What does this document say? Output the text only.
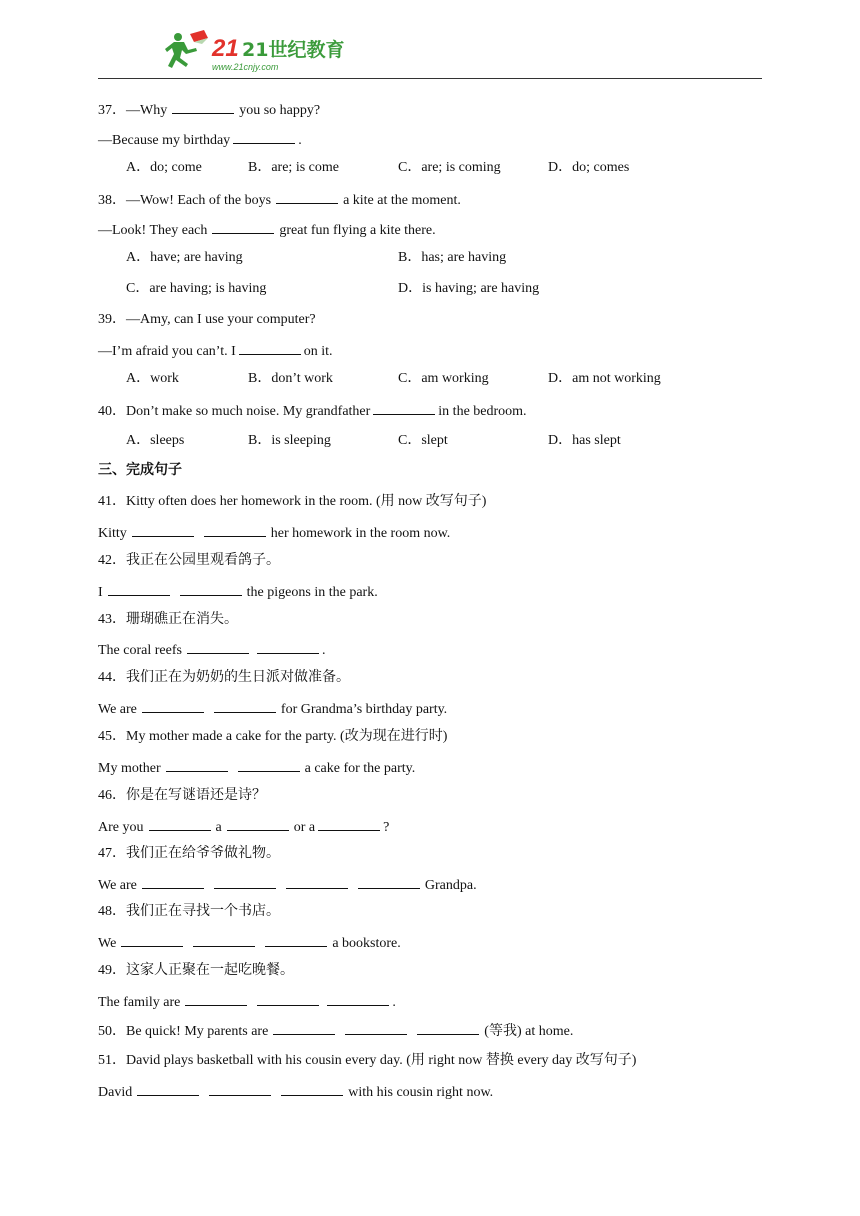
21 21世纪教育
www.21cnjy.com
37．—Why	you so happy?
—Because my birthday	.
A．do; come	B．are; is come	C．are; is coming	D．do; comes
38．—Wow! Each of the boys	a kite at the moment.
—Look! They each	great fun flying a kite there.
A．have; are having	B．has; are having
C．are having; is having	D．is having; are having
39．—Amy, can I use your computer?
—I’m afraid you can’t. I	on it.
A．work	B．don’t work	C．am working	D．am not working
40．Don’t make so much noise. My grandfather	in the bedroom.
A．sleeps	B．is sleeping	C．slept	D．has slept
三、完成句子
41．Kitty often does her homework in the room. (用 now 改写句子)
Kitty	her homework in the room now.
42．我正在公园里观看鸽子。
I	the pigeons in the park.
43．珊瑚礁正在消失。
The coral reefs	.
44．我们正在为奶奶的生日派对做准备。
We are	for Grandma’s birthday party.
45．My mother made a cake for the party. (改为现在进行时)
My mother	a cake for the party.
46．你是在写谜语还是诗？
Are you	a	or a	?
47．我们正在给爷爷做礼物。
We are	Grandpa.
48．我们正在寻找一个书店。
We	a bookstore.
49．这家人正聚在一起吃晚餐。
The family are	.
50．Be quick! My parents are	(等我) at home.
51．David plays basketball with his cousin every day. (用 right now 替换 every day 改写句子)
David	with his cousin right now.
